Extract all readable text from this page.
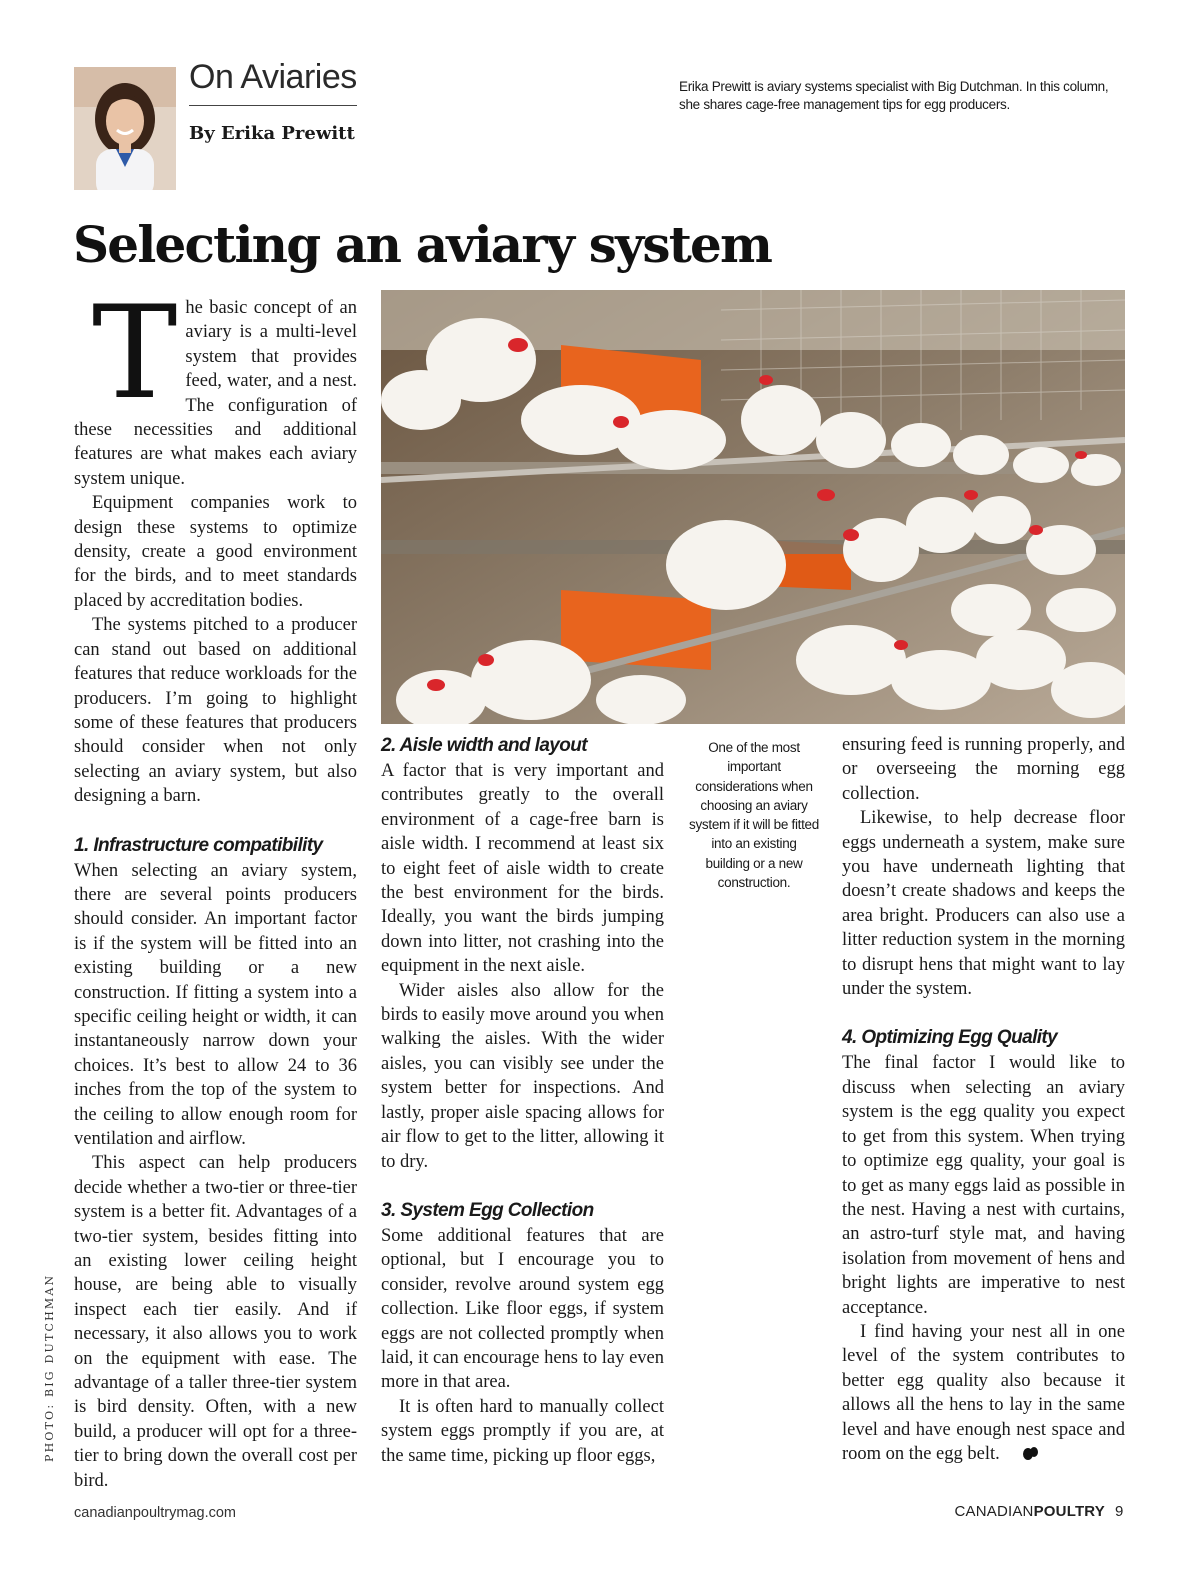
On Aviaries
By Erika Prewitt
Erika Prewitt is aviary systems specialist with Big Dutchman. In this column, she shares cage-free management tips for egg producers.
Selecting an aviary system

The basic concept of an aviary is a multi-level system that provides feed, water, and a nest. The configuration of these necessities and additional features are what makes each aviary system unique.

Equipment companies work to design these systems to optimize density, create a good environment for the birds, and to meet standards placed by accreditation bodies.

The systems pitched to a producer can stand out based on additional features that reduce workloads for the producers. I’m going to highlight some of these features that producers should consider when not only selecting an aviary system, but also designing a barn.

1. Infrastructure compatibility

When selecting an aviary system, there are several points producers should consider. An important factor is if the system will be fitted into an existing building or a new construction. If fitting a system into a specific ceiling height or width, it can instantaneously narrow down your choices. It’s best to allow 24 to 36 inches from the top of the system to the ceiling to allow enough room for ventilation and airflow.

This aspect can help producers decide whether a two-tier or three-tier system is a better fit. Advantages of a two-tier system, besides fitting into an existing lower ceiling height house, are being able to visually inspect each tier easily. And if necessary, it also allows you to work on the equipment with ease. The advantage of a taller three-tier system is bird density. Often, with a new build, a producer will opt for a three-tier to bring down the overall cost per bird.

2. Aisle width and layout

A factor that is very important and contributes greatly to the overall environment of a cage-free barn is aisle width. I recommend at least six to eight feet of aisle width to create the best environment for the birds. Ideally, you want the birds jumping down into litter, not crashing into the equipment in the next aisle.

Wider aisles also allow for the birds to easily move around you when walking the aisles. With the wider aisles, you can visibly see under the system better for inspections. And lastly, proper aisle spacing allows for air flow to get to the litter, allowing it to dry.

3. System Egg Collection

Some additional features that are optional, but I encourage you to consider, revolve around system egg collection. Like floor eggs, if system eggs are not collected promptly when laid, it can encourage hens to lay even more in that area.

It is often hard to manually collect system eggs promptly if you are, at the same time, picking up floor eggs,

One of the most important considerations when choosing an aviary system if it will be fitted into an existing building or a new construction.

ensuring feed is running properly, and or overseeing the morning egg collection.

Likewise, to help decrease floor eggs underneath a system, make sure you have underneath lighting that doesn’t create shadows and keeps the area bright. Producers can also use a litter reduction system in the morning to disrupt hens that might want to lay under the system.

4. Optimizing Egg Quality

The final factor I would like to discuss when selecting an aviary system is the egg quality you expect to get from this system. When trying to optimize egg quality, your goal is to get as many eggs laid as possible in the nest. Having a nest with curtains, an astro-turf style mat, and having isolation from movement of hens and bright lights are imperative to nest acceptance.

I find having your nest all in one level of the system contributes to better egg quality also because it allows all the hens to lay in the same level and have enough nest space and room on the egg belt.

PHOTO: BIG DUTCHMAN
canadianpoultrymag.com	CANADIANPOULTRY 9
